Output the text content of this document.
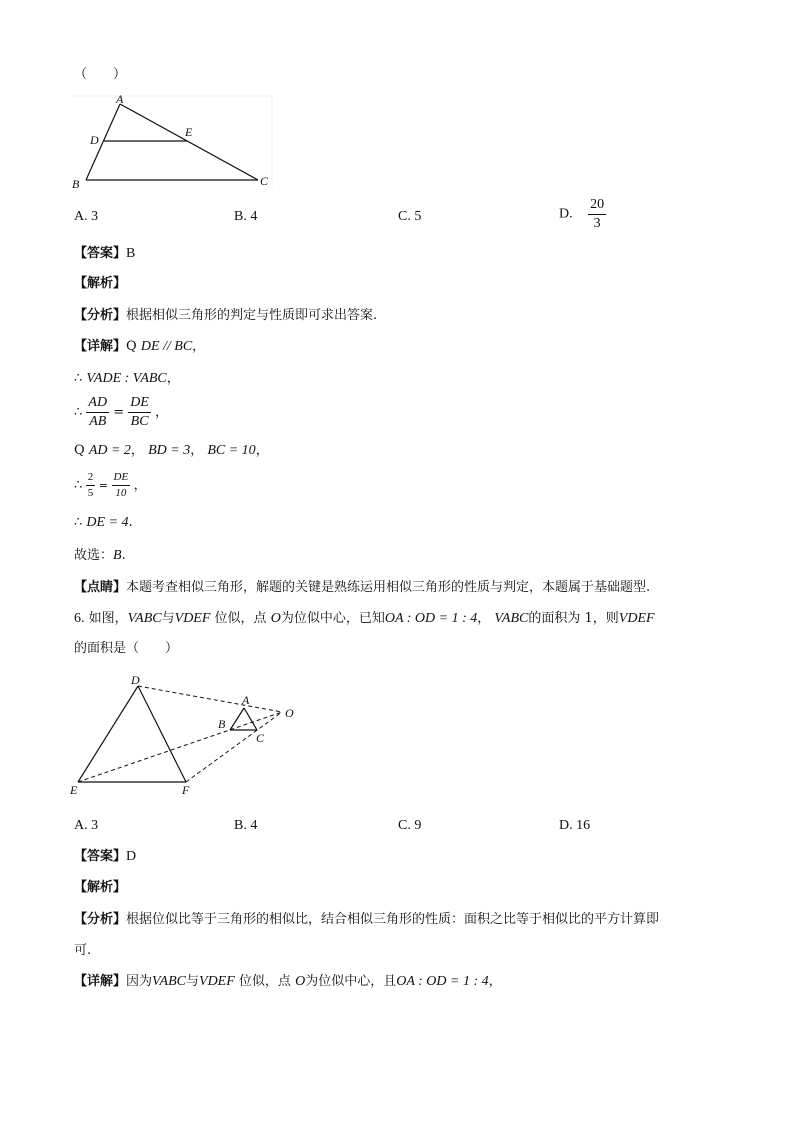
（　　）
A
D
E
B	C
A. 3	B. 4	C. 5	D. $\frac{20}{3}$
【答案】B
【解析】
【分析】根据相似三角形的判定与性质即可求出答案.
【详解】Q DE // BC，
∴ VADE : VABC，
∴ $\frac{AD}{AB} = \frac{DE}{BC}$ ，
Q AD = 2， BD = 3， BC = 10，
∴ $\frac{2}{5} = \frac{DE}{10}$ ，
∴ DE = 4.
故选：B.
【点睛】本题考查相似三角形，解题的关键是熟练运用相似三角形的性质与判定，本题属于基础题型.
6. 如图，VABC与VDEF 位似，点 O为位似中心，已知OA : OD = 1 : 4， VABC的面积为 1，则VDEF
的面积是（　　）
D
E	F
A
B
C
O
A. 3	B. 4	C. 9	D. 16
【答案】D
【解析】
【分析】根据位似比等于三角形的相似比，结合相似三角形的性质：面积之比等于相似比的平方计算即
可.
【详解】因为VABC与VDEF 位似，点 O为位似中心，且OA : OD = 1 : 4，
